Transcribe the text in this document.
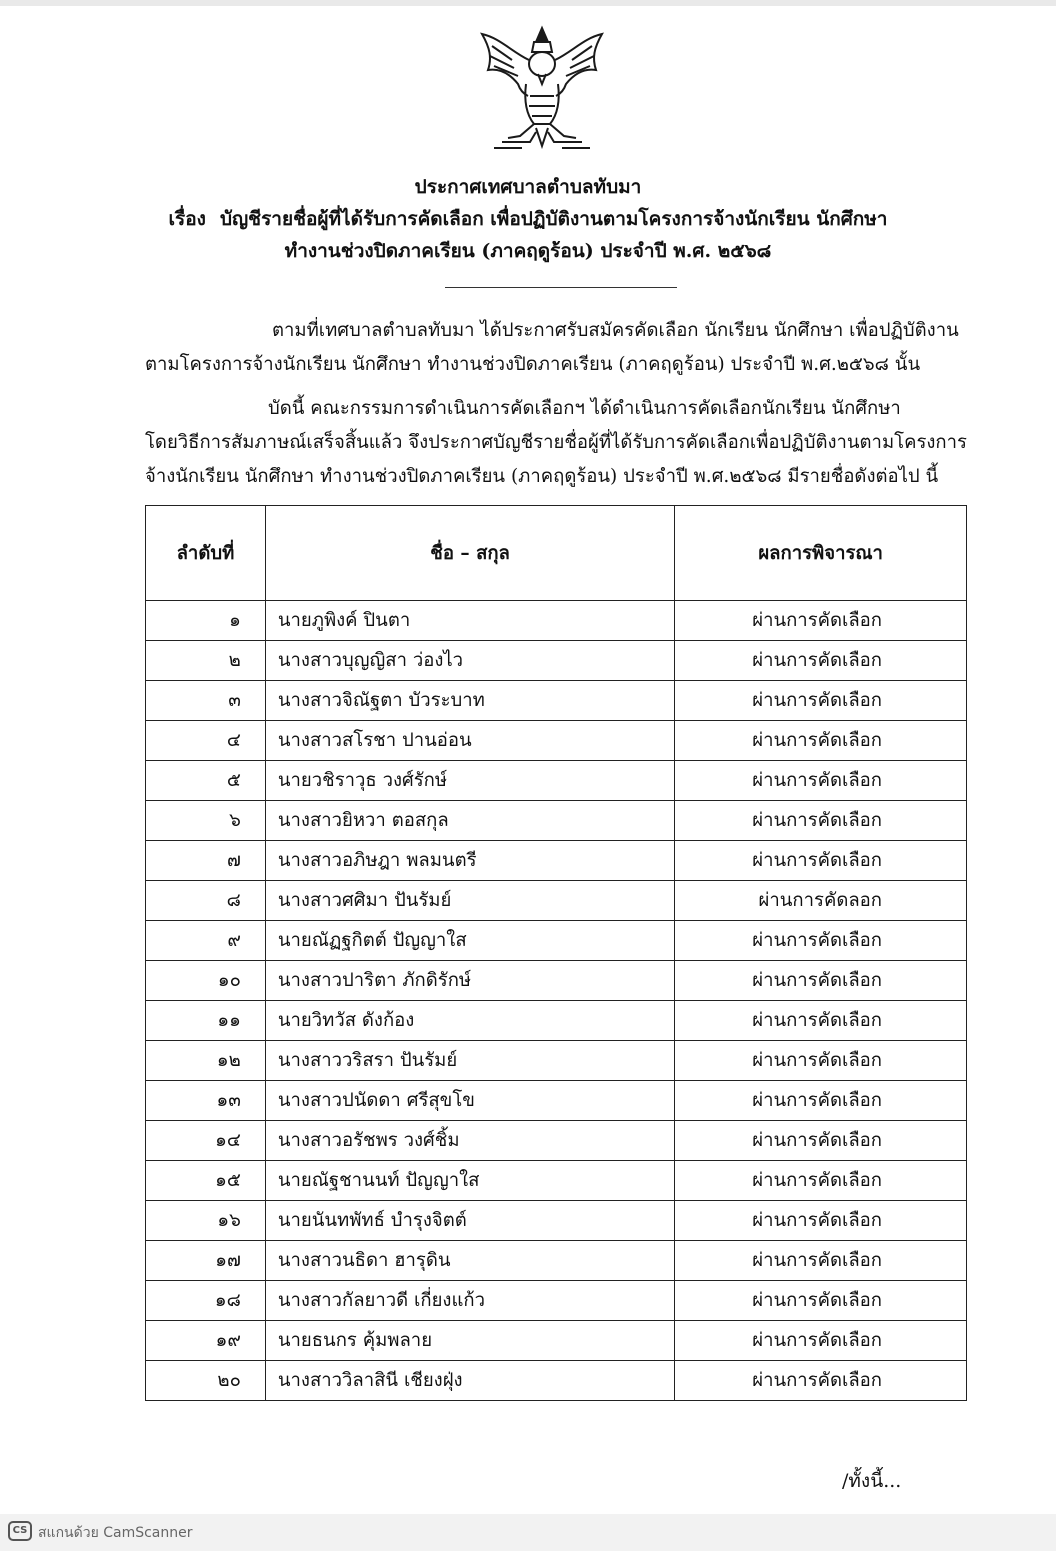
ประกาศเทศบาลตำบลทับมา
เรื่อง บัญชีรายชื่อผู้ที่ได้รับการคัดเลือก เพื่อปฏิบัติงานตามโครงการจ้างนักเรียน นักศึกษา
ทำงานช่วงปิดภาคเรียน (ภาคฤดูร้อน) ประจำปี พ.ศ. ๒๕๖๘
ตามที่เทศบาลตำบลทับมา ได้ประกาศรับสมัครคัดเลือก นักเรียน นักศึกษา เพื่อปฏิบัติงาน
ตามโครงการจ้างนักเรียน นักศึกษา ทำงานช่วงปิดภาคเรียน (ภาคฤดูร้อน) ประจำปี พ.ศ.๒๕๖๘ นั้น
บัดนี้ คณะกรรมการดำเนินการคัดเลือกฯ ได้ดำเนินการคัดเลือกนักเรียน นักศึกษา
โดยวิธีการสัมภาษณ์เสร็จสิ้นแล้ว จึงประกาศบัญชีรายชื่อผู้ที่ได้รับการคัดเลือกเพื่อปฏิบัติงานตามโครงการ
จ้างนักเรียน นักศึกษา ทำงานช่วงปิดภาคเรียน (ภาคฤดูร้อน) ประจำปี พ.ศ.๒๕๖๘ มีรายชื่อดังต่อไป นี้
ลำดับที่	ชื่อ – สกุล	ผลการพิจารณา
๑	นายภูพิงค์ ปินตา	ผ่านการคัดเลือก
๒	นางสาวบุญญิสา ว่องไว	ผ่านการคัดเลือก
๓	นางสาวจิณัฐตา บัวระบาท	ผ่านการคัดเลือก
๔	นางสาวสโรชา ปานอ่อน	ผ่านการคัดเลือก
๕	นายวชิราวุธ วงศ์รักษ์	ผ่านการคัดเลือก
๖	นางสาวยิหวา ตอสกุล	ผ่านการคัดเลือก
๗	นางสาวอภิษฎา พลมนตรี	ผ่านการคัดเลือก
๘	นางสาวศศิมา ปันรัมย์	ผ่านการคัดลอก
๙	นายณัฏฐกิตต์ ปัญญาใส	ผ่านการคัดเลือก
๑๐	นางสาวปาริตา ภักดิรักษ์	ผ่านการคัดเลือก
๑๑	นายวิทวัส ดังก้อง	ผ่านการคัดเลือก
๑๒	นางสาววริสรา ปันรัมย์	ผ่านการคัดเลือก
๑๓	นางสาวปนัดดา ศรีสุขโข	ผ่านการคัดเลือก
๑๔	นางสาวอรัชพร วงศ์ชิ้ม	ผ่านการคัดเลือก
๑๕	นายณัฐชานนท์ ปัญญาใส	ผ่านการคัดเลือก
๑๖	นายนันทพัทธ์ บำรุงจิตต์	ผ่านการคัดเลือก
๑๗	นางสาวนธิดา ฮารุดิน	ผ่านการคัดเลือก
๑๘	นางสาวกัลยาวดี เกี่ยงแก้ว	ผ่านการคัดเลือก
๑๙	นายธนกร คุ้มพลาย	ผ่านการคัดเลือก
๒๐	นางสาววิลาสินี เชียงฝุ่ง	ผ่านการคัดเลือก
/ทั้งนี้...
CS สแกนด้วย CamScanner
